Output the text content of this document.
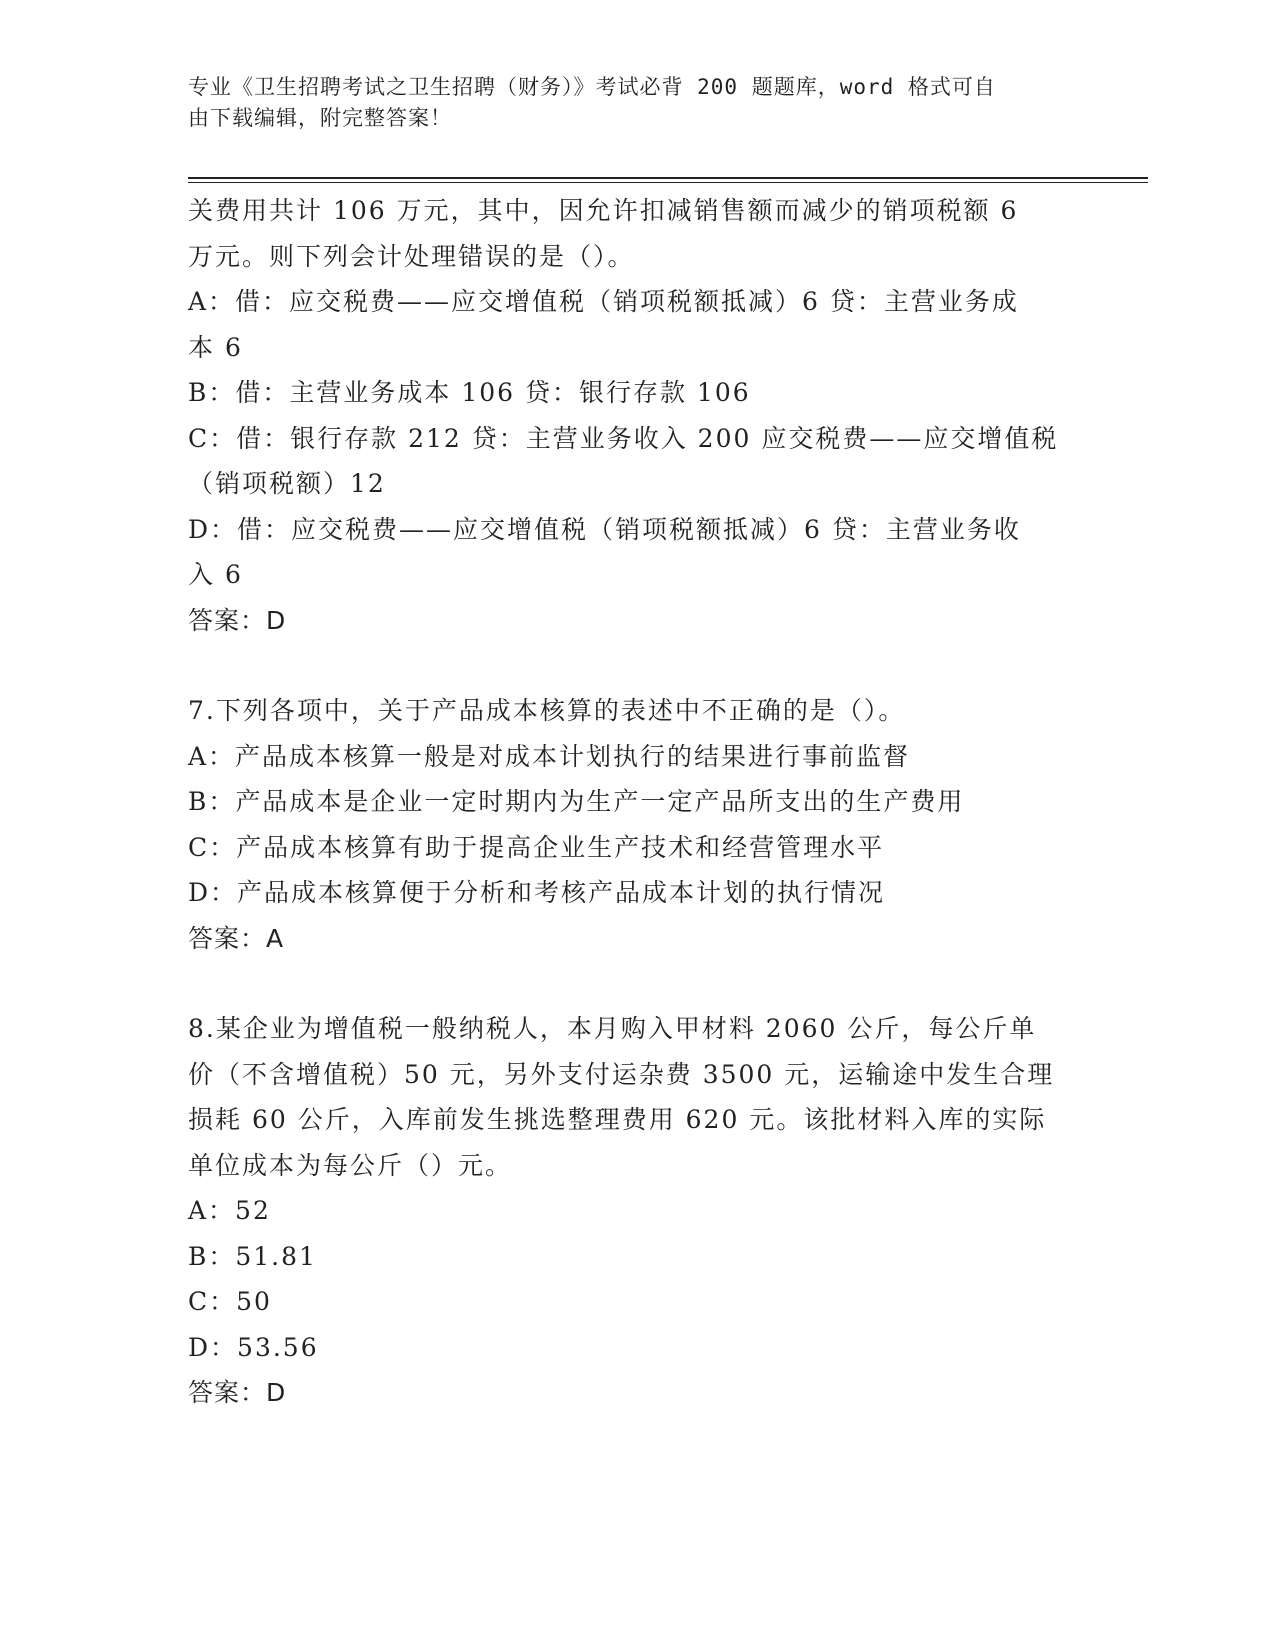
专业《卫生招聘考试之卫生招聘（财务）》考试必背 200 题题库，word 格式可自
由下载编辑，附完整答案！
关费用共计 106 万元，其中，因允许扣减销售额而减少的销项税额 6
万元。则下列会计处理错误的是（）。
A：借：应交税费——应交增值税（销项税额抵减）6 贷：主营业务成
本 6
B：借：主营业务成本 106 贷：银行存款 106
C：借：银行存款 212 贷：主营业务收入 200 应交税费——应交增值税
（销项税额）12
D：借：应交税费——应交增值税（销项税额抵减）6 贷：主营业务收
入 6
答案：D
7.下列各项中，关于产品成本核算的表述中不正确的是（）。
A：产品成本核算一般是对成本计划执行的结果进行事前监督
B：产品成本是企业一定时期内为生产一定产品所支出的生产费用
C：产品成本核算有助于提高企业生产技术和经营管理水平
D：产品成本核算便于分析和考核产品成本计划的执行情况
答案：A
8.某企业为增值税一般纳税人，本月购入甲材料 2060 公斤，每公斤单
价（不含增值税）50 元，另外支付运杂费 3500 元，运输途中发生合理
损耗 60 公斤，入库前发生挑选整理费用 620 元。该批材料入库的实际
单位成本为每公斤（）元。
A：52
B：51.81
C：50
D：53.56
答案：D
